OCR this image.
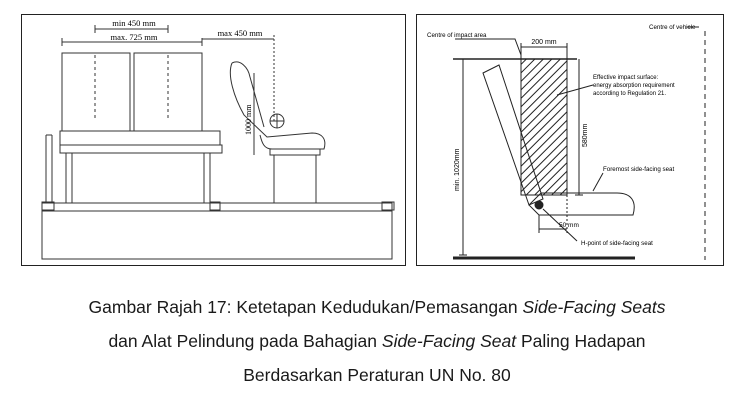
min 450 mm
max. 725 mm	max 450 mm
1000 mm
Centre of impact area
Centre of vehicle
200 mm
Effective impact surface:
energy absorption requirement
according to Regulation 21.
580mm
min. 1020mm	Foremost side-facing seat
50 mm
H-point of side-facing seat
Gambar Rajah 17: Ketetapan Kedudukan/Pemasangan Side-Facing Seats
dan Alat Pelindung pada Bahagian Side-Facing Seat Paling Hadapan
Berdasarkan Peraturan UN No. 80
